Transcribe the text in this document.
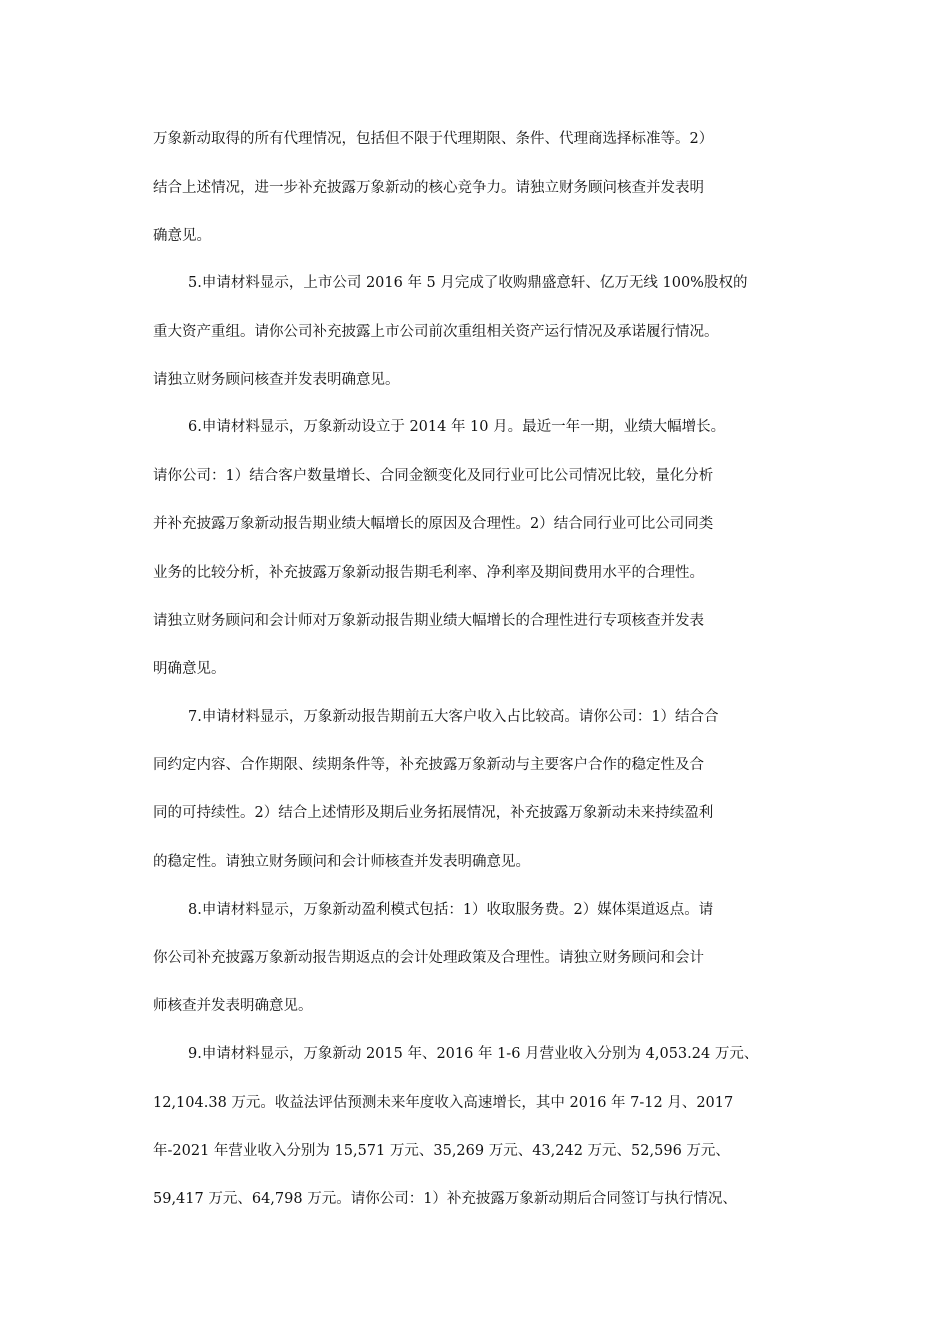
万象新动取得的所有代理情况，包括但不限于代理期限、条件、代理商选择标准等。2）

结合上述情况，进一步补充披露万象新动的核心竞争力。请独立财务顾问核查并发表明

确意见。

5.申请材料显示，上市公司 2016 年 5 月完成了收购鼎盛意轩、亿万无线 100%股权的

重大资产重组。请你公司补充披露上市公司前次重组相关资产运行情况及承诺履行情况。

请独立财务顾问核查并发表明确意见。

6.申请材料显示，万象新动设立于 2014 年 10 月。最近一年一期，业绩大幅增长。

请你公司：1）结合客户数量增长、合同金额变化及同行业可比公司情况比较，量化分析

并补充披露万象新动报告期业绩大幅增长的原因及合理性。2）结合同行业可比公司同类

业务的比较分析，补充披露万象新动报告期毛利率、净利率及期间费用水平的合理性。

请独立财务顾问和会计师对万象新动报告期业绩大幅增长的合理性进行专项核查并发表

明确意见。

7.申请材料显示，万象新动报告期前五大客户收入占比较高。请你公司：1）结合合

同约定内容、合作期限、续期条件等，补充披露万象新动与主要客户合作的稳定性及合

同的可持续性。2）结合上述情形及期后业务拓展情况，补充披露万象新动未来持续盈利

的稳定性。请独立财务顾问和会计师核查并发表明确意见。

8.申请材料显示，万象新动盈利模式包括：1）收取服务费。2）媒体渠道返点。请

你公司补充披露万象新动报告期返点的会计处理政策及合理性。请独立财务顾问和会计

师核查并发表明确意见。

9.申请材料显示，万象新动 2015 年、2016 年 1-6 月营业收入分别为 4,053.24 万元、

12,104.38 万元。收益法评估预测未来年度收入高速增长，其中 2016 年 7-12 月、2017

年-2021 年营业收入分别为 15,571 万元、35,269 万元、43,242 万元、52,596 万元、

59,417 万元、64,798 万元。请你公司：1）补充披露万象新动期后合同签订与执行情况、
